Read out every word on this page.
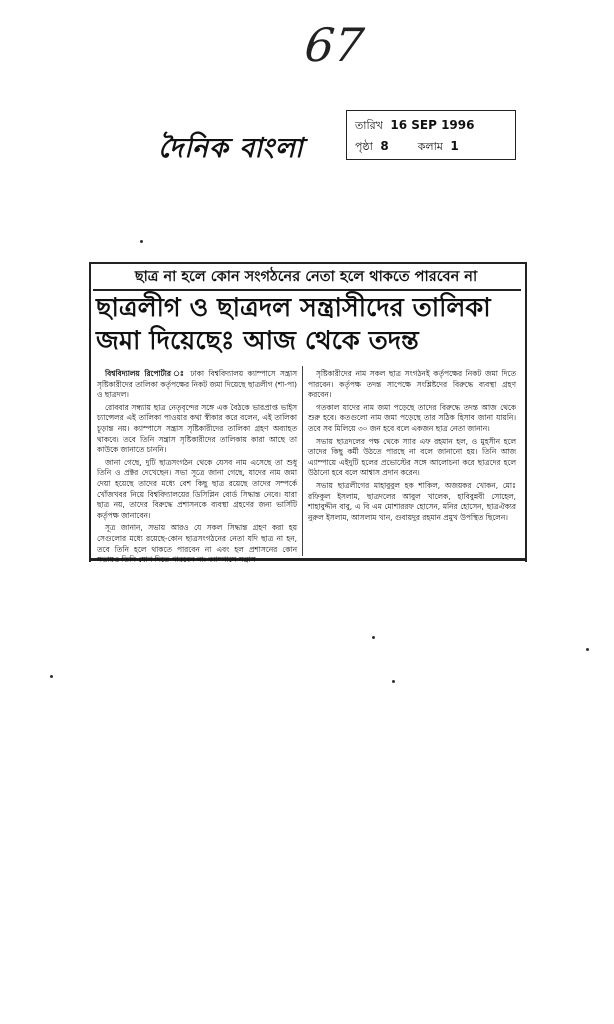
67
দৈনিক বাংলা
তারিখ 16 SEP 1996
পৃষ্ঠা 8	কলাম 1
ছাত্র না হলে কোন সংগঠনের নেতা হলে থাকতে পারবেন না
ছাত্রলীগ ও ছাত্রদল সন্ত্রাসীদের তালিকা
জমা দিয়েছেঃ আজ থেকে তদন্ত

বিশ্ববিদ্যালয় রিপোর্টার ঃ ঢাকা বিশ্ববিদ্যালয় ক্যাম্পাসে সন্ত্রাস সৃষ্টিকারীদের তালিকা কর্তৃপক্ষের নিকট জমা দিয়েছে ছাত্রলীগ (শা-পা) ও ছাত্রদল।

রোববার সন্ধ্যায় ছাত্র নেতৃবৃন্দের সঙ্গে এক বৈঠকে ভারপ্রাপ্ত ভাইস চ্যান্সেলর এই তালিকা পাওয়ার কথা স্বীকার করে বলেন, এই তালিকা চূড়ান্ত নয়। ক্যাম্পাসে সন্ত্রাস সৃষ্টিকারীদের তালিকা গ্রহণ অব্যাহত থাকবে। তবে তিনি সন্ত্রাস সৃষ্টিকারীদের তালিকায় কারা আছে তা কাউকে জানাতে চাননি।

জানা গেছে, দুটি ছাত্রসংগঠন থেকে যেসব নাম এসেছে তা শুধু তিনি ও প্রক্টর দেখেছেন। সভা সূত্রে জানা গেছে, যাদের নাম জমা দেয়া হয়েছে তাদের মধ্যে বেশ কিছু ছাত্র রয়েছে তাদের সম্পর্কে খোঁজখবর নিয়ে বিশ্ববিদ্যালয়ের ডিসিপ্লিন বোর্ড সিদ্ধান্ত নেবে। যারা ছাত্র নয়, তাদের বিরুদ্ধে প্রশাসনকে ব্যবস্থা গ্রহণের জন্য ভার্সিটি কর্তৃপক্ষ জানাবেন।

সূত্র জানান, সভায় আরও যে সকল সিদ্ধান্ত গ্রহণ করা হয় সেগুলোর মধ্যে রয়েছে-কোন ছাত্রসংগঠনের নেতা যদি ছাত্র না হন, তবে তিনি হলে থাকতে পারবেন না এবং হল প্রশাসনের কোন সভায়ও তিনি যোগ দিতে পারবেন না। ক্যাম্পাসে সন্ত্রাস

সৃষ্টিকারীদের নাম সকল ছাত্র সংগঠনই কর্তৃপক্ষের নিকট জমা দিতে পারবেন। কর্তৃপক্ষ তদন্ত সাপেক্ষে সংশ্লিষ্টদের বিরুদ্ধে ব্যবস্থা গ্রহণ করবেন।

গতকাল যাদের নাম জমা পড়েছে তাদের বিরুদ্ধে তদন্ত আজ থেকে শুরু হবে। কতগুলো নাম জমা পড়েছে তার সঠিক হিসাব জানা যায়নি। তবে সব মিলিয়ে ৩০ জন হবে বলে একজন ছাত্র নেতা জানান।

সভায় ছাত্রদলের পক্ষ থেকে স্যার এফ রহমান হল, ও মুহসীন হলে তাদের কিছু কর্মী উঠতে পারছে না বলে জানানো হয়। তিনি আজ এ্যাম্পায়ে এইদুটি হলের প্রভোস্টের সঙ্গে আলোচনা করে ছাত্রদের হলে উঠানো হবে বলে আশ্বাস প্রদান করেন।

সভায় ছাত্রলীগের মাহাবুবুল হক শাকিল, অজয়কর খোকন, মোঃ রফিকুল ইসলাম, ছাত্রদলের আবুল খালেক, হাবিবুন্নবী সোহেল, শাহাবুদ্দীন বাবু, এ বি এম মোশাররফ হোসেন, মনির হোসেন, ছাত্রঐক্যর নুরুল ইসলাম, আসলাম খান, গুবায়দুর রহমান প্রমুখ উপস্থিত ছিলেন।
